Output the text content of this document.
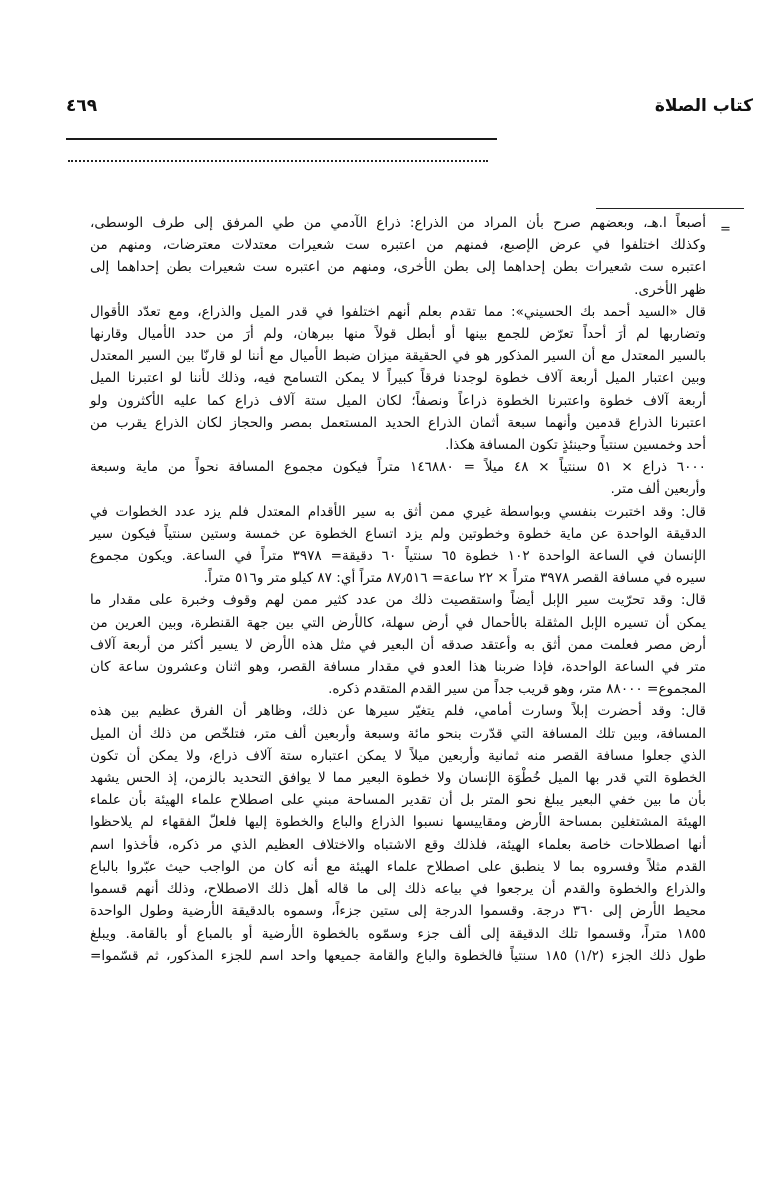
٤٦٩	كتاب الصلاة
=

أصبعاً ا.هـ، وبعضهم صرح بأن المراد من الذراع: ذراع الآدمي من طي المرفق إلى طرف الوسطى،
وكذلك اختلفوا في عرض الإصبع، فمنهم من اعتبره ست شعيرات معتدلات معترضات، ومنهم من
اعتبره ست شعيرات بطن إحداهما إلى بطن الأخرى، ومنهم من اعتبره ست شعيرات بطن إحداهما إلى
ظهر الأخرى.

قال «السيد أحمد بك الحسيني»: مما تقدم بعلم أنهم اختلفوا في قدر الميل والذراع، ومع تعدّد الأقوال
وتضاربها لم أرَ أحداً تعرّض للجمع بينها أو أبطل قولاً منها ببرهان، ولم أرَ من حدد الأميال وقارنها
بالسير المعتدل مع أن السير المذكور هو في الحقيقة ميزان ضبط الأميال مع أننا لو قارنّا بين السير المعتدل
وبين اعتبار الميل أربعة آلاف خطوة لوجدنا فرقاً كبيراً لا يمكن التسامح فيه، وذلك لأننا لو اعتبرنا الميل
أربعة آلاف خطوة واعتبرنا الخطوة ذراعاً ونصفاً؛ لكان الميل ستة آلاف ذراع كما عليه الأكثرون ولو
اعتبرنا الذراع قدمين وأنهما سبعة أثمان الذراع الحديد المستعمل بمصر والحجاز لكان الذراع يقرب من
أحد وخمسين سنتياً وحينئذٍ تكون المسافة هكذا.

٦٠٠٠ ذراع × ٥١ سنتياً × ٤٨ ميلاً = ١٤٦٨٨٠ متراً فيكون مجموع المسافة نحواً من ماية وسبعة
وأربعين ألف متر.

قال: وقد اختبرت بنفسي وبواسطة غيري ممن أثق به سير الأقدام المعتدل فلم يزد عدد الخطوات في
الدقيقة الواحدة عن ماية خطوة وخطوتين ولم يزد اتساع الخطوة عن خمسة وستين سنتياً فيكون سير
الإنسان في الساعة الواحدة ١٠٢ خطوة ٦٥ سنتياً ٦٠ دقيقة= ٣٩٧٨ متراً في الساعة. ويكون مجموع
سيره في مسافة القصر ٣٩٧٨ متراً × ٢٢ ساعة= ٨٧٫٥١٦ متراً أي: ٨٧ كيلو متر و٥١٦ متراً.

قال: وقد تحرّيت سير الإبل أيضاً واستقصيت ذلك من عدد كثير ممن لهم وقوف وخبرة على مقدار ما
يمكن أن تسيره الإبل المثقلة بالأحمال في أرض سهلة، كالأرض التي بين جهة القنطرة، وبين العرين من
أرض مصر فعلمت ممن أثق به وأعتقد صدقه أن البعير في مثل هذه الأرض لا يسير أكثر من أربعة آلاف
متر في الساعة الواحدة، فإذا ضربنا هذا العدو في مقدار مسافة القصر، وهو اثنان وعشرون ساعة كان
المجموع= ٨٨٠٠٠ متر، وهو قريب جداً من سير القدم المتقدم ذكره.

قال: وقد أحضرت إبلاً وسارت أمامي، فلم يتغيّر سيرها عن ذلك، وظاهر أن الفرق عظيم بين هذه
المسافة، وبين تلك المسافة التي قدّرت بنحو مائة وسبعة وأربعين ألف متر، فتلخّص من ذلك أن الميل
الذي جعلوا مسافة القصر منه ثمانية وأربعين ميلاً لا يمكن اعتباره ستة آلاف ذراع، ولا يمكن أن تكون
الخطوة التي قدر بها الميل خُطْوَة الإنسان ولا خطوة البعير مما لا يوافق التحديد بالزمن، إذ الحس يشهد
بأن ما بين خفي البعير يبلغ نحو المتر بل أن تقدير المساحة مبني على اصطلاح علماء الهيئة بأن علماء
الهيئة المشتغلين بمساحة الأرض ومقاييسها نسبوا الذراع والباع والخطوة إليها فلعلّ الفقهاء لم يلاحظوا
أنها اصطلاحات خاصة بعلماء الهيئة، فلذلك وقع الاشتباه والاختلاف العظيم الذي مر ذكره، فأخذوا اسم
القدم مثلاً وفسروه بما لا ينطبق على اصطلاح علماء الهيئة مع أنه كان من الواجب حيث عبّروا بالباع
والذراع والخطوة والقدم أن يرجعوا في بياعه ذلك إلى ما قاله أهل ذلك الاصطلاح، وذلك أنهم قسموا
محيط الأرض إلى ٣٦٠ درجة. وقسموا الدرجة إلى ستين جزءاً، وسموه بالدقيقة الأرضية وطول الواحدة
١٨٥٥ متراً، وقسموا تلك الدقيقة إلى ألف جزء وسمّوه بالخطوة الأرضية أو بالمباع أو بالقامة. ويبلغ
طول ذلك الجزء (١/٢) ١٨٥ سنتياً فالخطوة والباع والقامة جميعها واحد اسم للجزء المذكور، ثم قسّموا=
